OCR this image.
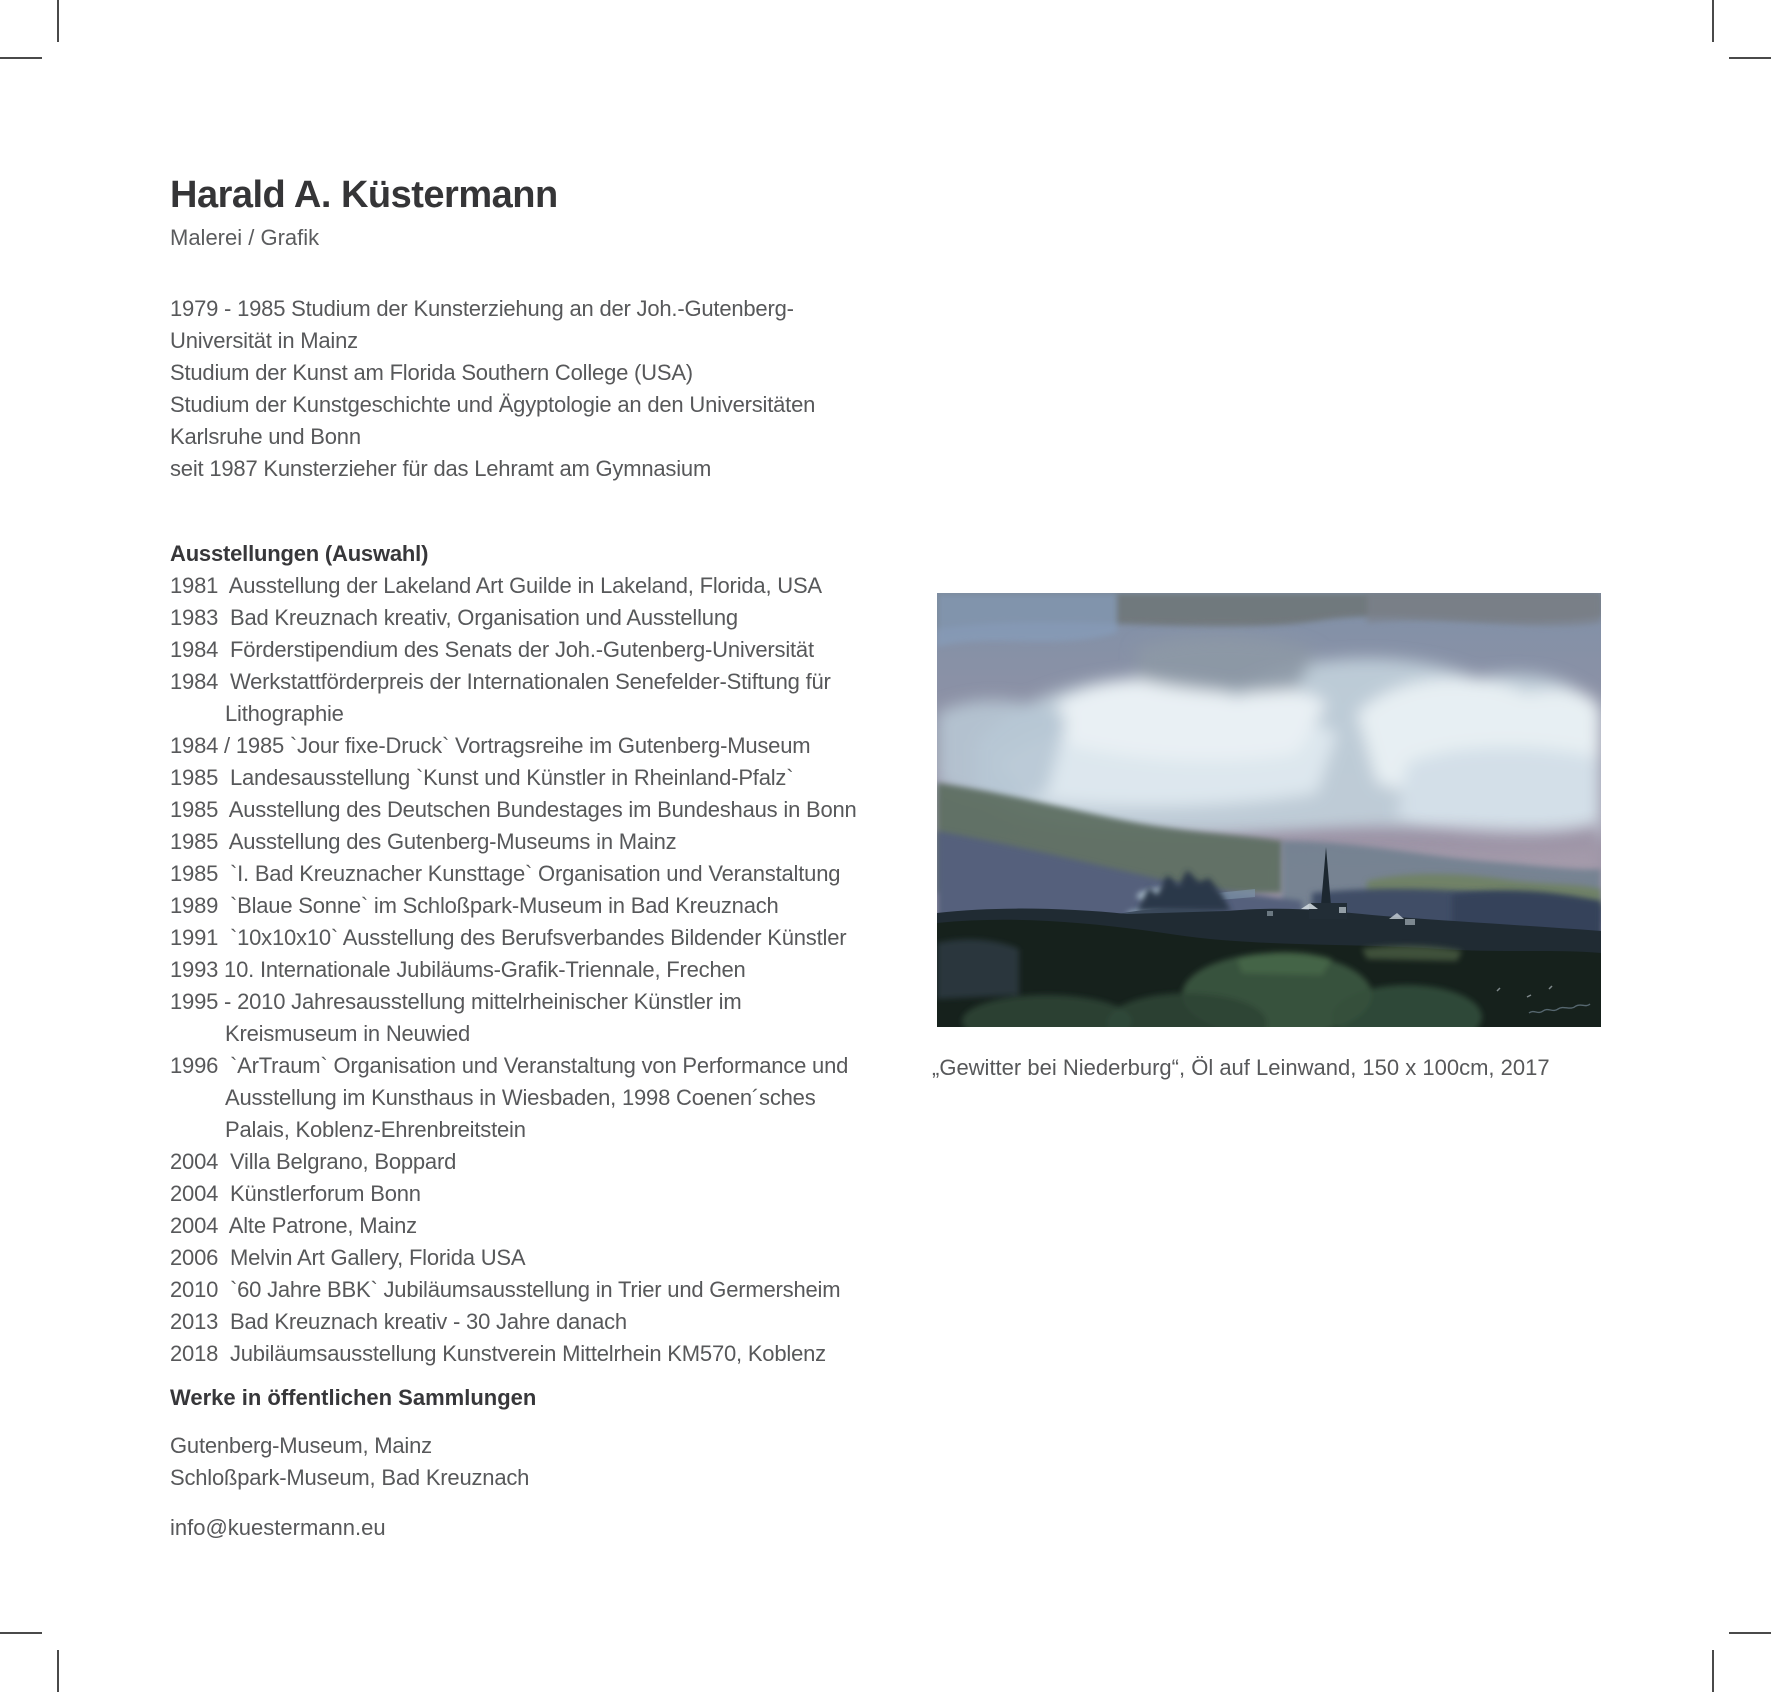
Harald A. Küstermann
Malerei / Grafik
1979 - 1985 Studium der Kunsterziehung an der Joh.-Gutenberg-
Universität in Mainz
Studium der Kunst am Florida Southern College (USA)
Studium der Kunstgeschichte und Ägyptologie an den Universitäten
Karlsruhe und Bonn
seit 1987 Kunsterzieher für das Lehramt am Gymnasium
Ausstellungen (Auswahl)
1981  Ausstellung der Lakeland Art Guilde in Lakeland, Florida, USA
1983  Bad Kreuznach kreativ, Organisation und Ausstellung
1984  Förderstipendium des Senats der Joh.-Gutenberg-Universität
1984  Werkstattförderpreis der Internationalen Senefelder-Stiftung für
Lithographie
1984 / 1985 `Jour fixe-Druck` Vortragsreihe im Gutenberg-Museum
1985  Landesausstellung `Kunst und Künstler in Rheinland-Pfalz`
1985  Ausstellung des Deutschen Bundestages im Bundeshaus in Bonn
1985  Ausstellung des Gutenberg-Museums in Mainz
1985  `I. Bad Kreuznacher Kunsttage` Organisation und Veranstaltung
1989  `Blaue Sonne` im Schloßpark-Museum in Bad Kreuznach
1991  `10x10x10` Ausstellung des Berufsverbandes Bildender Künstler
1993 10. Internationale Jubiläums-Grafik-Triennale, Frechen
1995 - 2010 Jahresausstellung mittelrheinischer Künstler im
Kreismuseum in Neuwied
1996  `ArTraum` Organisation und Veranstaltung von Performance und
Ausstellung im Kunsthaus in Wiesbaden, 1998 Coenen´sches
Palais, Koblenz-Ehrenbreitstein
2004  Villa Belgrano, Boppard
2004  Künstlerforum Bonn
2004  Alte Patrone, Mainz
2006  Melvin Art Gallery, Florida USA
2010  `60 Jahre BBK` Jubiläumsausstellung in Trier und Germersheim
2013  Bad Kreuznach kreativ - 30 Jahre danach
2018  Jubiläumsausstellung Kunstverein Mittelrhein KM570, Koblenz
Werke in öffentlichen Sammlungen
Gutenberg-Museum, Mainz
Schloßpark-Museum, Bad Kreuznach
info@kuestermann.eu
„Gewitter bei Niederburg“, Öl auf Leinwand, 150 x 100cm, 2017
